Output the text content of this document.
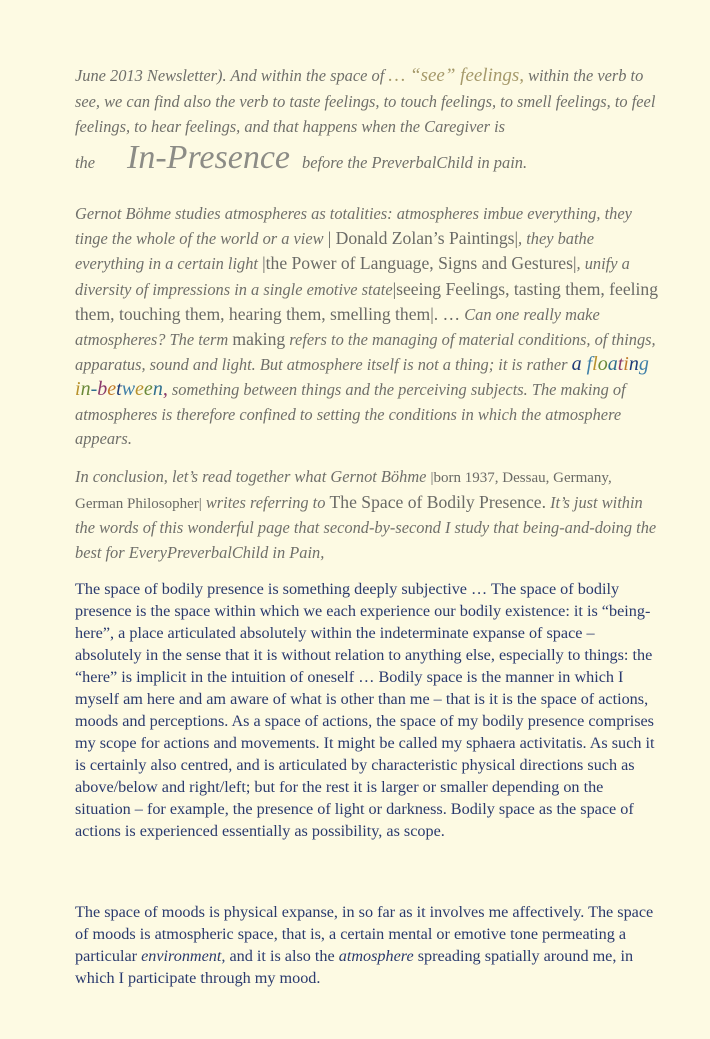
June 2013 Newsletter). And within the space of … “see” feelings, within the verb to see, we can find also the verb to taste feelings, to touch feelings, to smell feelings, to feel feelings, to hear feelings, and that happens when the Caregiver is
the In-Presence before the PreverbalChild in pain.

Gernot Böhme studies atmospheres as totalities: atmospheres imbue everything, they tinge the whole of the world or a view | Donald Zolan’s Paintings|, they bathe everything in a certain light |the Power of Language, Signs and Gestures|, unify a diversity of impressions in a single emotive state|seeing Feelings, tasting them, feeling them, touching them, hearing them, smelling them|. … Can one really make atmospheres? The term making refers to the managing of material conditions, of things, apparatus, sound and light. But atmosphere itself is not a thing; it is rather a floating in-between, something between things and the perceiving subjects. The making of atmospheres is therefore confined to setting the conditions in which the atmosphere appears.

In conclusion, let’s read together what Gernot Böhme |born 1937, Dessau, Germany, German Philosopher| writes referring to The Space of Bodily Presence. It’s just within the words of this wonderful page that second-by-second I study that being-and-doing the best for EveryPreverbalChild in Pain,

The space of bodily presence is something deeply subjective … The space of bodily presence is the space within which we each experience our bodily existence: it is “being-here”, a place articulated absolutely within the indeterminate expanse of space – absolutely in the sense that it is without relation to anything else, especially to things: the “here” is implicit in the intuition of oneself … Bodily space is the manner in which I myself am here and am aware of what is other than me – that is it is the space of actions, moods and perceptions. As a space of actions, the space of my bodily presence comprises my scope for actions and movements. It might be called my sphaera activitatis. As such it is certainly also centred, and is articulated by characteristic physical directions such as above/below and right/left; but for the rest it is larger or smaller depending on the situation – for example, the presence of light or darkness. Bodily space as the space of actions is experienced essentially as possibility, as scope.

The space of moods is physical expanse, in so far as it involves me affectively. The space of moods is atmospheric space, that is, a certain mental or emotive tone permeating a particular environment, and it is also the atmosphere spreading spatially around me, in which I participate through my mood.
